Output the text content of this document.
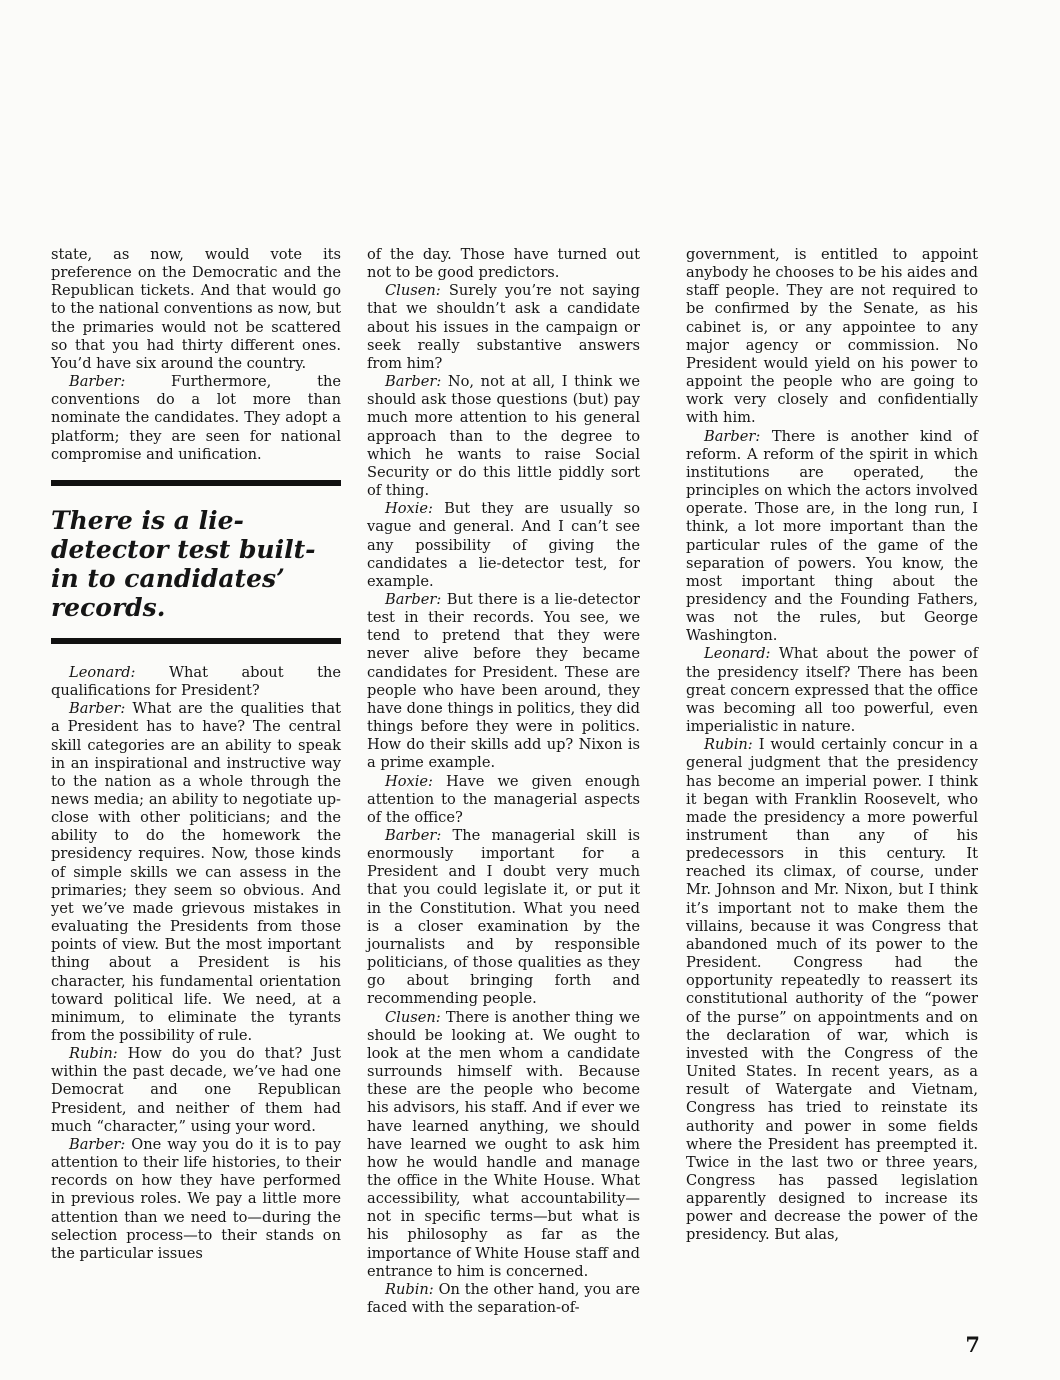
state, as now, would vote its preference on the Democratic and the Republican tickets. And that would go to the national conventions as now, but the primaries would not be scattered so that you had thirty different ones. You’d have six around the country.

Barber: Furthermore, the conventions do a lot more than nominate the candidates. They adopt a platform; they are seen for national compromise and unification.

There is a lie-detector test built-in to candidates’ records.

Leonard: What about the qualifications for President?

Barber: What are the qualities that a President has to have? The central skill categories are an ability to speak in an inspirational and instructive way to the nation as a whole through the news media; an ability to negotiate up-close with other politicians; and the ability to do the homework the presidency requires. Now, those kinds of simple skills we can assess in the primaries; they seem so obvious. And yet we’ve made grievous mistakes in evaluating the Presidents from those points of view. But the most important thing about a President is his character, his fundamental orientation toward political life. We need, at a minimum, to eliminate the tyrants from the possibility of rule.

Rubin: How do you do that? Just within the past decade, we’ve had one Democrat and one Republican President, and neither of them had much “character,” using your word.

Barber: One way you do it is to pay attention to their life histories, to their records on how they have performed in previous roles. We pay a little more attention than we need to—during the selection process—to their stands on the particular issues

of the day. Those have turned out not to be good predictors.

Clusen: Surely you’re not saying that we shouldn’t ask a candidate about his issues in the campaign or seek really substantive answers from him?

Barber: No, not at all, I think we should ask those questions (but) pay much more attention to his general approach than to the degree to which he wants to raise Social Security or do this little piddly sort of thing.

Hoxie: But they are usually so vague and general. And I can’t see any possibility of giving the candidates a lie-detector test, for example.

Barber: But there is a lie-detector test in their records. You see, we tend to pretend that they were never alive before they became candidates for President. These are people who have been around, they have done things in politics, they did things before they were in politics. How do their skills add up? Nixon is a prime example.

Hoxie: Have we given enough attention to the managerial aspects of the office?

Barber: The managerial skill is enormously important for a President and I doubt very much that you could legislate it, or put it in the Constitution. What you need is a closer examination by the journalists and by responsible politicians, of those qualities as they go about bringing forth and recommending people.

Clusen: There is another thing we should be looking at. We ought to look at the men whom a candidate surrounds himself with. Because these are the people who become his advisors, his staff. And if ever we have learned anything, we should have learned we ought to ask him how he would handle and manage the office in the White House. What accessibility, what accountability—not in specific terms—but what is his philosophy as far as the importance of White House staff and entrance to him is concerned.

Rubin: On the other hand, you are faced with the separation-of-

government, is entitled to appoint anybody he chooses to be his aides and staff people. They are not required to be confirmed by the Senate, as his cabinet is, or any appointee to any major agency or commission. No President would yield on his power to appoint the people who are going to work very closely and confidentially with him.

Barber: There is another kind of reform. A reform of the spirit in which institutions are operated, the principles on which the actors involved operate. Those are, in the long run, I think, a lot more important than the particular rules of the game of the separation of powers. You know, the most important thing about the presidency and the Founding Fathers, was not the rules, but George Washington.

Leonard: What about the power of the presidency itself? There has been great concern expressed that the office was becoming all too powerful, even imperialistic in nature.

Rubin: I would certainly concur in a general judgment that the presidency has become an imperial power. I think it began with Franklin Roosevelt, who made the presidency a more powerful instrument than any of his predecessors in this century. It reached its climax, of course, under Mr. Johnson and Mr. Nixon, but I think it’s important not to make them the villains, because it was Congress that abandoned much of its power to the President. Congress had the opportunity repeatedly to reassert its constitutional authority of the “power of the purse” on appointments and on the declaration of war, which is invested with the Congress of the United States. In recent years, as a result of Watergate and Vietnam, Congress has tried to reinstate its authority and power in some fields where the President has preempted it. Twice in the last two or three years, Congress has passed legislation apparently designed to increase its power and decrease the power of the presidency. But alas,

7
